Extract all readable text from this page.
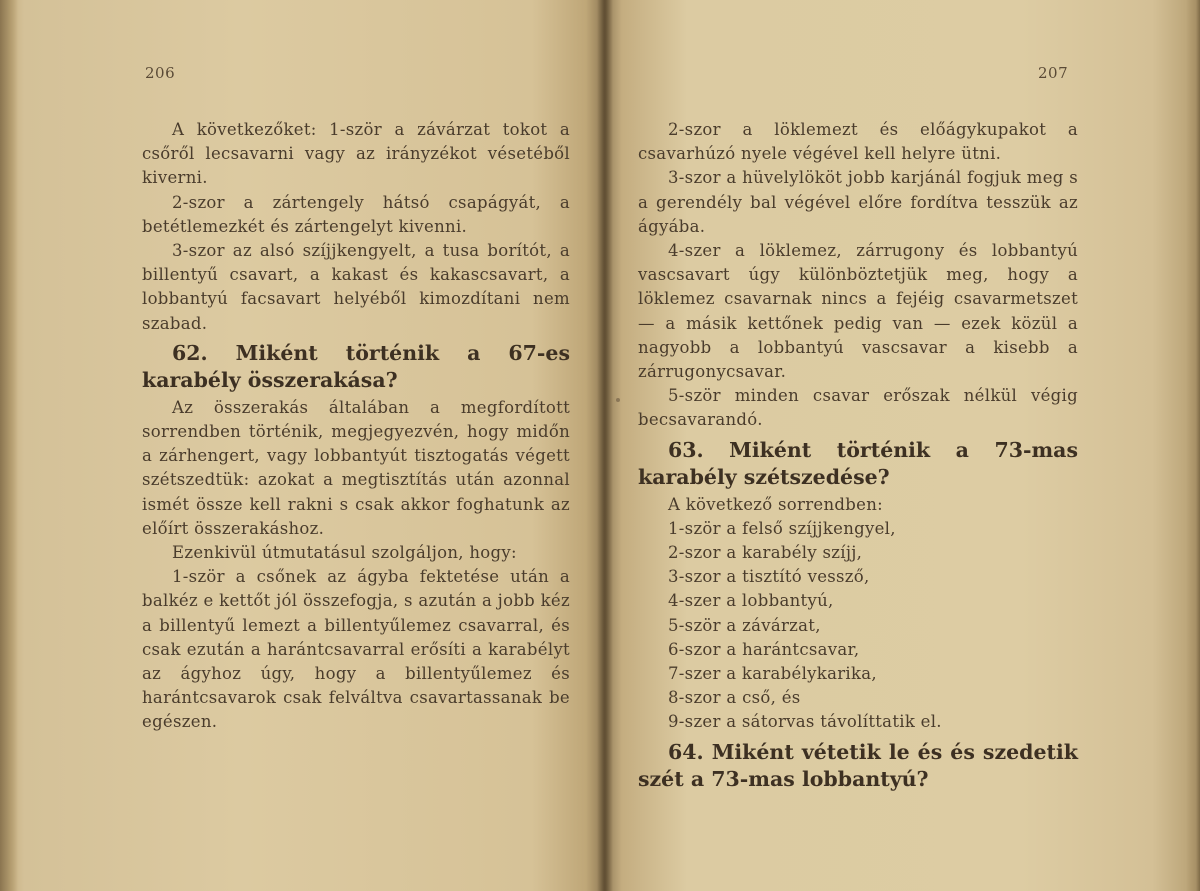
206

A következőket: 1-ször a závárzat tokot a csőről lecsavarni vagy az irányzékot vésetéből kiverni.

2-szor a zártengely hátsó csapágyát, a betétlemezkét és zártengelyt kivenni.

3-szor az alsó szíjjkengyelt, a tusa borítót, a billentyű csavart, a kakast és kakascsavart, a lobbantyú facsavart helyéből kimozdítani nem szabad.

62. Miként történik a 67-es karabély összerakása?

Az összerakás általában a megfordított sorrendben történik, megjegyezvén, hogy midőn a zárhengert, vagy lobbantyút tisztogatás végett szétszedtük: azokat a megtisztítás után azonnal ismét össze kell rakni s csak akkor foghatunk az előírt összerakáshoz.

Ezenkivül útmutatásul szolgáljon, hogy:

1-ször a csőnek az ágyba fektetése után a balkéz e kettőt jól összefogja, s azután a jobb kéz a billentyű lemezt a billentyűlemez csavarral, és csak ezután a harántcsavarral erősíti a karabélyt az ágyhoz úgy, hogy a billentyűlemez és harántcsavarok csak felváltva csavartassanak be egészen.

207

2-szor a löklemezt és előágykupakot a csavarhúzó nyele végével kell helyre ütni.

3-szor a hüvelylököt jobb karjánál fogjuk meg s a gerendély bal végével előre fordítva tesszük az ágyába.

4-szer a löklemez, zárrugony és lobbantyú vascsavart úgy különböztetjük meg, hogy a löklemez csavarnak nincs a fejéig csavarmetszet — a másik kettőnek pedig van — ezek közül a nagyobb a lobbantyú vascsavar a kisebb a zárrugonycsavar.

5-ször minden csavar erőszak nélkül végig becsavarandó.

63. Miként történik a 73-mas karabély szétszedése?

A következő sorrendben:

1-ször a felső szíjjkengyel,

2-szor a karabély szíjj,

3-szor a tisztító vessző,

4-szer a lobbantyú,

5-ször a závárzat,

6-szor a harántcsavar,

7-szer a karabélykarika,

8-szor a cső, és

9-szer a sátorvas távolíttatik el.

64. Miként vétetik le és és szedetik szét a 73-mas lobbantyú?
